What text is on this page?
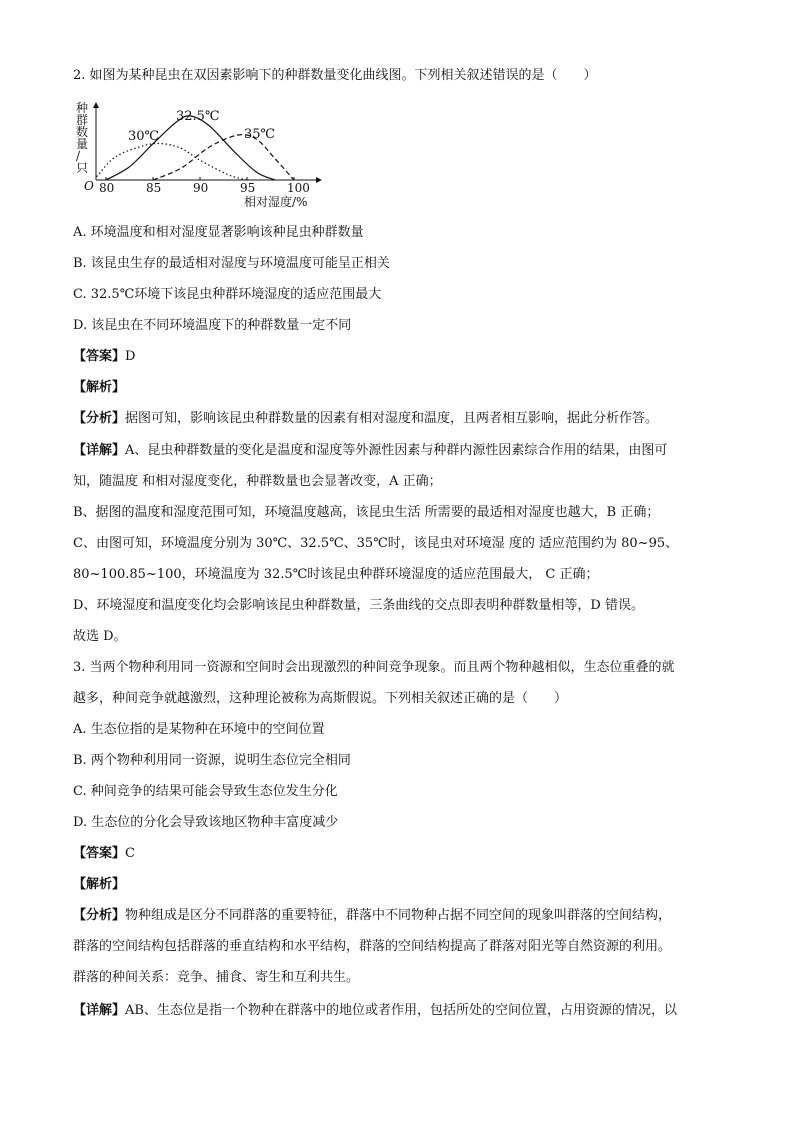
2. 如图为某种昆虫在双因素影响下的种群数量变化曲线图。下列相关叙述错误的是（　　）
O 80	85	90	95	100
相对湿度/%
30℃
32.5℃
35℃
种
群
数
量
/
只
A. 环境温度和相对湿度显著影响该种昆虫种群数量
B. 该昆虫生存的最适相对湿度与环境温度可能呈正相关
C. 32.5℃环境下该昆虫种群环境湿度的适应范围最大
D. 该昆虫在不同环境温度下的种群数量一定不同
【答案】D
【解析】
【分析】据图可知，影响该昆虫种群数量的因素有相对湿度和温度，且两者相互影响，据此分析作答。
【详解】A、昆虫种群数量的变化是温度和湿度等外源性因素与种群内源性因素综合作用的结果，由图可
知，随温度 和相对湿度变化，种群数量也会显著改变，A 正确；
B、据图的温度和湿度范围可知，环境温度越高，该昆虫生活 所需要的最适相对湿度也越大，B 正确；
C、由图可知，环境温度分别为 30℃、32.5℃、35℃时，该昆虫对环境湿 度的 适应范围约为 80~95、
80~100.85~100，环境温度为 32.5℃时该昆虫种群环境湿度的适应范围最大， C 正确；
D、环境湿度和温度变化均会影响该昆虫种群数量，三条曲线的交点即表明种群数量相等，D 错误。
故选 D。
3. 当两个物种利用同一资源和空间时会出现激烈的种间竞争现象。而且两个物种越相似，生态位重叠的就
越多，种间竞争就越激烈，这种理论被称为高斯假说。下列相关叙述正确的是（　　）
A. 生态位指的是某物种在环境中的空间位置
B. 两个物种利用同一资源，说明生态位完全相同
C. 种间竞争的结果可能会导致生态位发生分化
D. 生态位的分化会导致该地区物种丰富度减少
【答案】C
【解析】
【分析】物种组成是区分不同群落的重要特征，群落中不同物种占据不同空间的现象叫群落的空间结构，
群落的空间结构包括群落的垂直结构和水平结构，群落的空间结构提高了群落对阳光等自然资源的利用。
群落的种间关系：竞争、捕食、寄生和互利共生。
【详解】AB、生态位是指一个物种在群落中的地位或者作用，包括所处的空间位置，占用资源的情况，以
